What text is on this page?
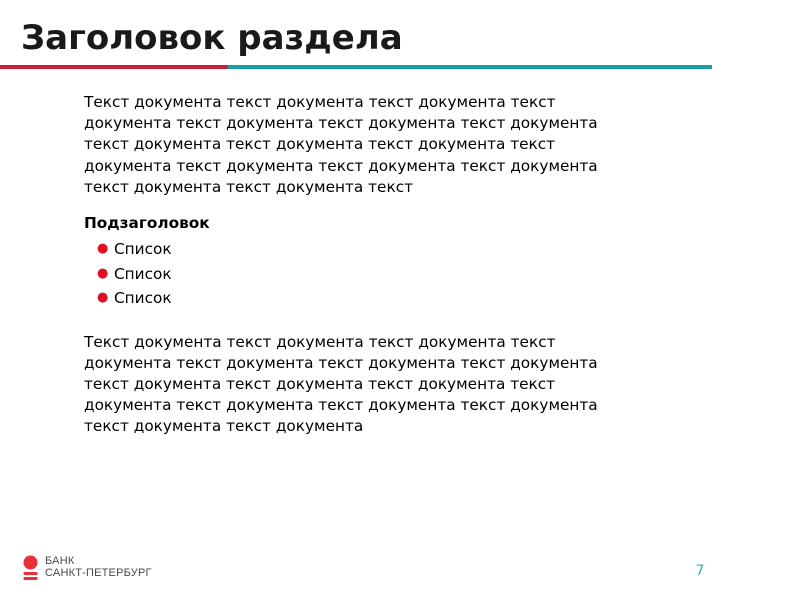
Заголовок раздела

Текст документа текст документа текст документа текст
документа текст документа текст документа текст документа
текст документа текст документа текст документа текст
документа текст документа текст документа текст документа
текст документа текст документа текст

Подзаголовок
● Список
● Список
● Список

Текст документа текст документа текст документа текст
документа текст документа текст документа текст документа
текст документа текст документа текст документа текст
документа текст документа текст документа текст документа
текст документа текст документа

БАНК
САНКТ-ПЕТЕРБУРГ	7
